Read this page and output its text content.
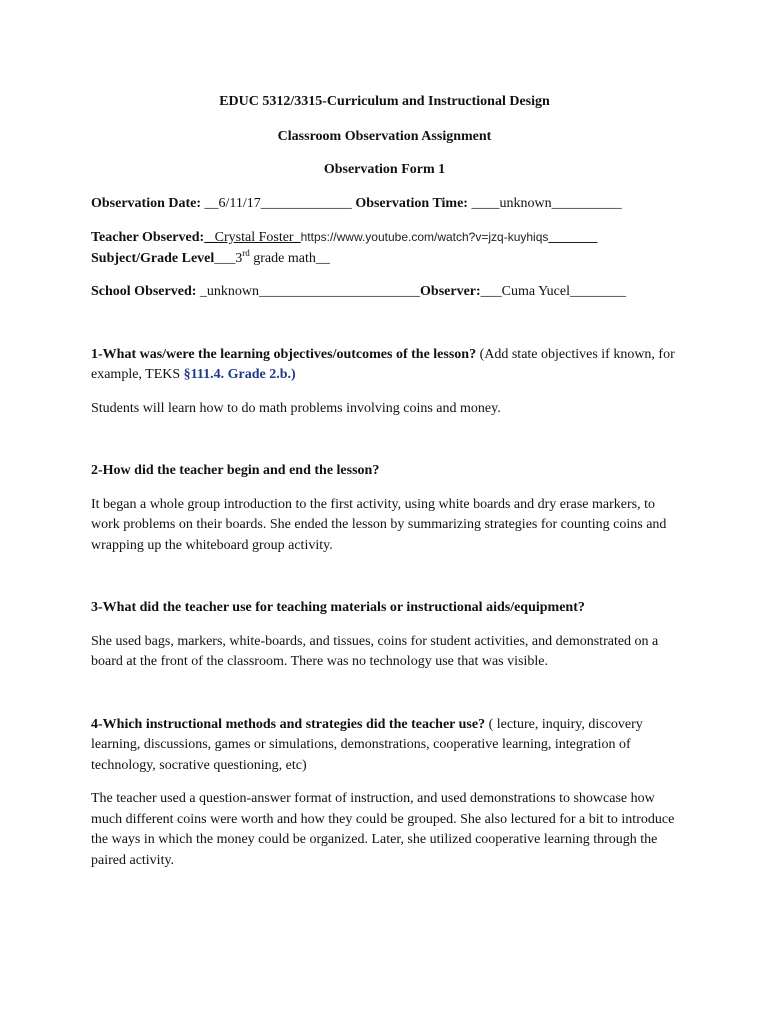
EDUC 5312/3315-Curriculum and Instructional Design

Classroom Observation Assignment

Observation Form 1

Observation Date: __6/11/17_____________ Observation Time: ____unknown__________

Teacher Observed: _Crystal Foster_https://www.youtube.com/watch?v=jzq-kuyhiqs_______

Subject/Grade Level___3rd grade math__

School Observed: _unknown_______________________Observer:___Cuma Yucel________

1-What was/were the learning objectives/outcomes of the lesson? (Add state objectives if known, for example, TEKS §111.4. Grade 2.b.)

Students will learn how to do math problems involving coins and money.

2-How did the teacher begin and end the lesson?

It began a whole group introduction to the first activity, using white boards and dry erase markers, to work problems on their boards. She ended the lesson by summarizing strategies for counting coins and wrapping up the whiteboard group activity.

3-What did the teacher use for teaching materials or instructional aids/equipment?

She used bags, markers, white-boards, and tissues, coins for student activities, and demonstrated on a board at the front of the classroom. There was no technology use that was visible.

4-Which instructional methods and strategies did the teacher use? ( lecture, inquiry, discovery learning, discussions, games or simulations, demonstrations, cooperative learning, integration of technology, socrative questioning, etc)

The teacher used a question-answer format of instruction, and used demonstrations to showcase how much different coins were worth and how they could be grouped. She also lectured for a bit to introduce the ways in which the money could be organized. Later, she utilized cooperative learning through the paired activity.
